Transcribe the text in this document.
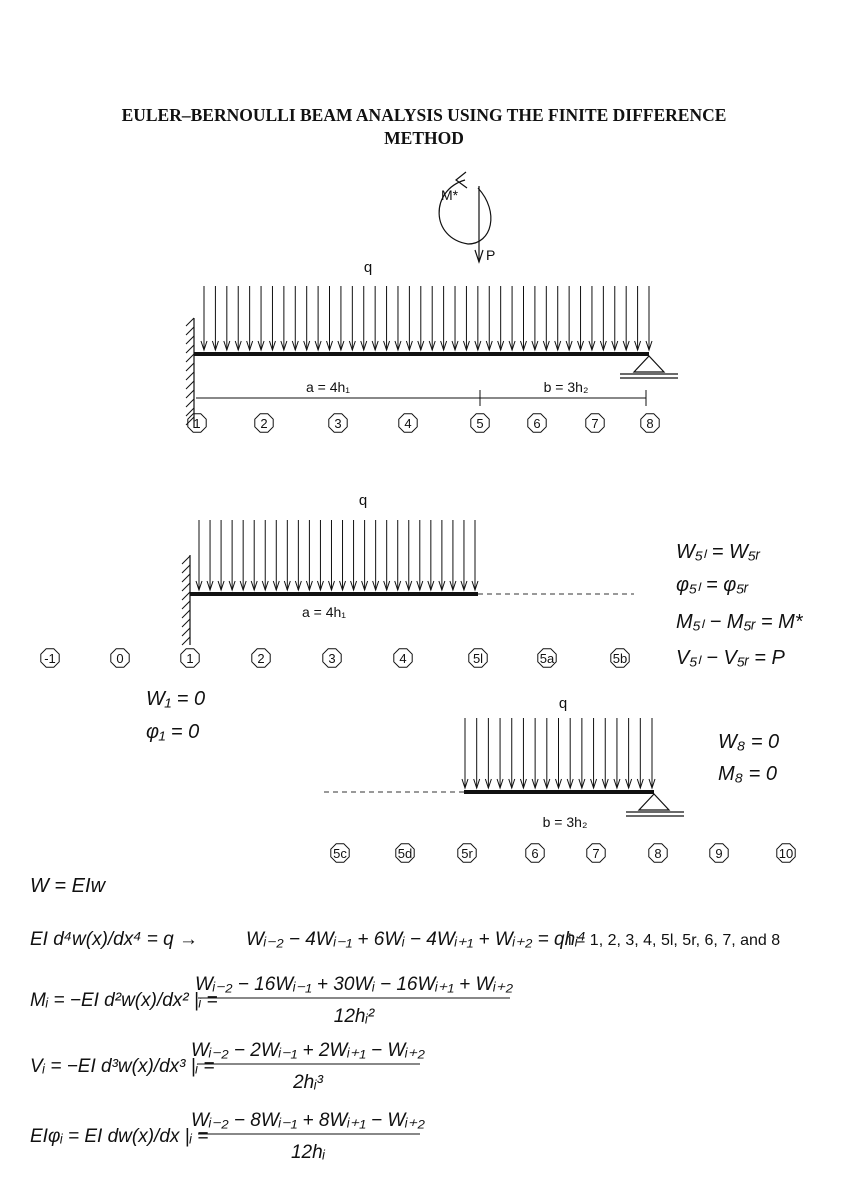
EULER–BERNOULLI BEAM ANALYSIS USING THE FINITE DIFFERENCE
METHOD
q
M*
P
a = 4h₁	b = 3h₂
1	2	3	4	5	6	7	8
q
a = 4h₁
-1	0	1	2	3	4	5l	5a	5b
W₁ = 0
φ₁ = 0
W₅ₗ = W₅ᵣ
φ₅ₗ = φ₅ᵣ
M₅ₗ − M₅ᵣ = M*
V₅ₗ − V₅ᵣ = P
q
b = 3h₂
5c	5d	5r	6	7	8	9	10
W₈ = 0
M₈ = 0
W = EIw
EI d⁴w(x)/dx⁴ = q →	Wᵢ₋₂ − 4Wᵢ₋₁ + 6Wᵢ − 4Wᵢ₊₁ + Wᵢ₊₂ = qhᵢ⁴
i = 1, 2, 3, 4, 5l, 5r, 6, 7, and 8
Mᵢ = −EI d²w(x)/dx² |ᵢ =
Wᵢ₋₂ − 16Wᵢ₋₁ + 30Wᵢ − 16Wᵢ₊₁ + Wᵢ₊₂
12hᵢ²
Vᵢ = −EI d³w(x)/dx³ |ᵢ =
Wᵢ₋₂ − 2Wᵢ₋₁ + 2Wᵢ₊₁ − Wᵢ₊₂
2hᵢ³
EIφᵢ = EI dw(x)/dx |ᵢ =
Wᵢ₋₂ − 8Wᵢ₋₁ + 8Wᵢ₊₁ − Wᵢ₊₂
12hᵢ
